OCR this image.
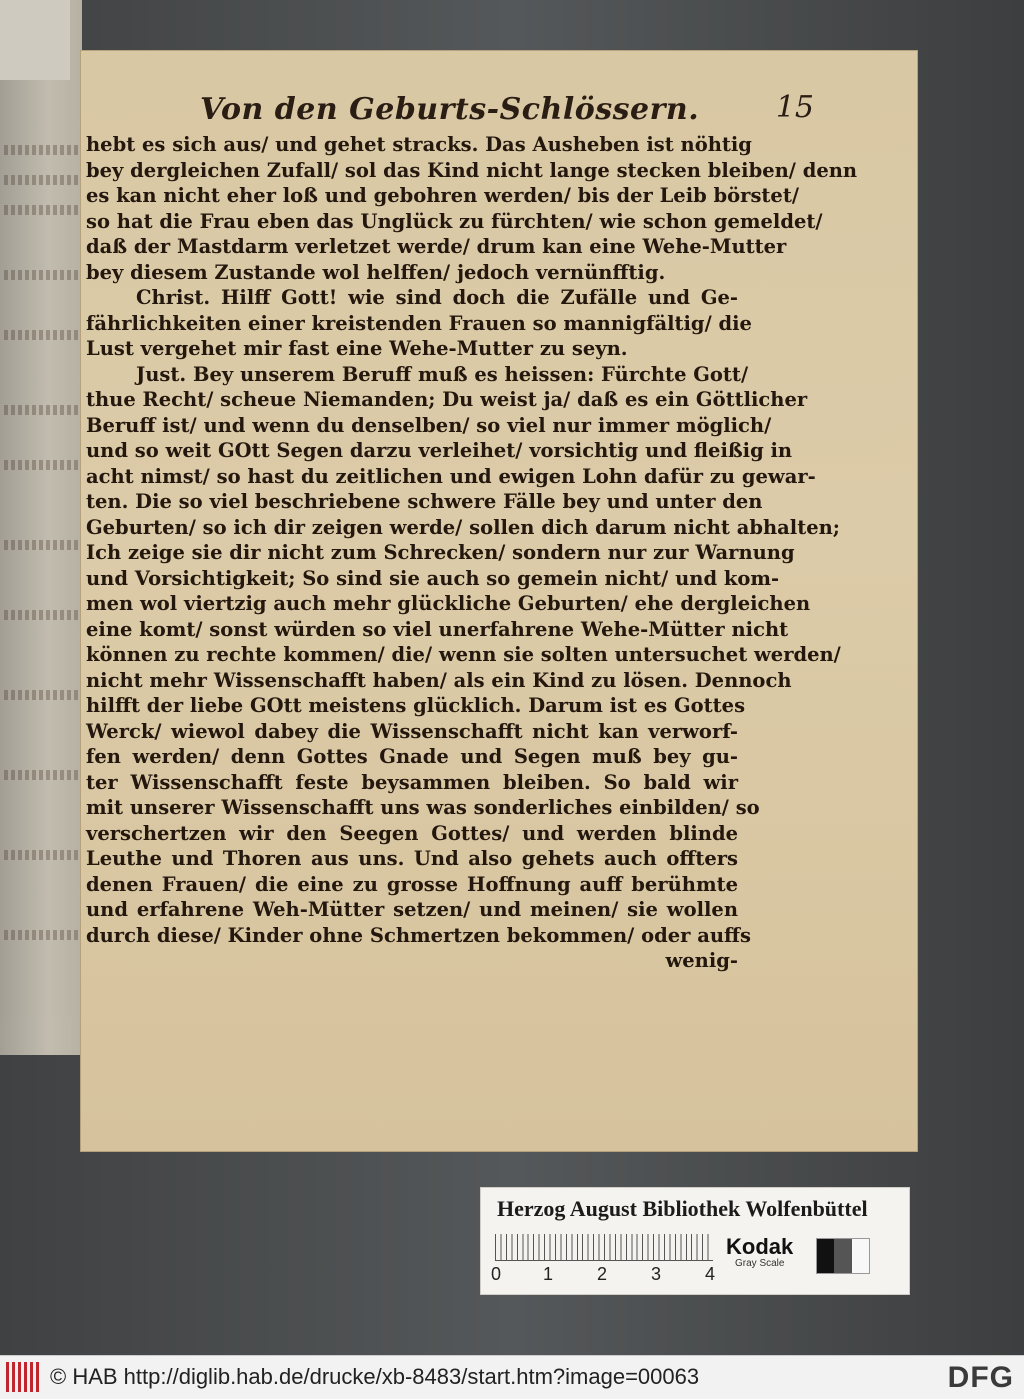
Von den Geburts-Schlössern.	15
hebt es sich aus/ und gehet stracks. Das Ausheben ist nöhtig
bey dergleichen Zufall/ sol das Kind nicht lange stecken bleiben/ denn
es kan nicht eher loß und gebohren werden/ bis der Leib börstet/
so hat die Frau eben das Unglück zu fürchten/ wie schon gemeldet/
daß der Mastdarm verletzet werde/ drum kan eine Wehe-Mutter
bey diesem Zustande wol helffen/ jedoch vernünfftig.
Christ. Hilff Gott! wie sind doch die Zufälle und Ge-
fährlichkeiten einer kreistenden Frauen so mannigfältig/ die
Lust vergehet mir fast eine Wehe-Mutter zu seyn.
Just. Bey unserem Beruff muß es heissen: Fürchte Gott/
thue Recht/ scheue Niemanden; Du weist ja/ daß es ein Göttlicher
Beruff ist/ und wenn du denselben/ so viel nur immer möglich/
und so weit GOtt Segen darzu verleihet/ vorsichtig und fleißig in
acht nimst/ so hast du zeitlichen und ewigen Lohn dafür zu gewar-
ten. Die so viel beschriebene schwere Fälle bey und unter den
Geburten/ so ich dir zeigen werde/ sollen dich darum nicht abhalten;
Ich zeige sie dir nicht zum Schrecken/ sondern nur zur Warnung
und Vorsichtigkeit; So sind sie auch so gemein nicht/ und kom-
men wol viertzig auch mehr glückliche Geburten/ ehe dergleichen
eine komt/ sonst würden so viel unerfahrene Wehe-Mütter nicht
können zu rechte kommen/ die/ wenn sie solten untersuchet werden/
nicht mehr Wissenschafft haben/ als ein Kind zu lösen. Dennoch
hilfft der liebe GOtt meistens glücklich. Darum ist es Gottes
Werck/ wiewol dabey die Wissenschafft nicht kan verworf-
fen werden/ denn Gottes Gnade und Segen muß bey gu-
ter Wissenschafft feste beysammen bleiben. So bald wir
mit unserer Wissenschafft uns was sonderliches einbilden/ so
verschertzen wir den Seegen Gottes/ und werden blinde
Leuthe und Thoren aus uns. Und also gehets auch offters
denen Frauen/ die eine zu grosse Hoffnung auff berühmte
und erfahrene Weh-Mütter setzen/ und meinen/ sie wollen
durch diese/ Kinder ohne Schmertzen bekommen/ oder auffs
wenig-
Herzog August Bibliothek Wolfenbüttel
0 1 2 3 4
Kodak
Gray Scale
© HAB http://diglib.hab.de/drucke/xb-8483/start.htm?image=00063	DFG
